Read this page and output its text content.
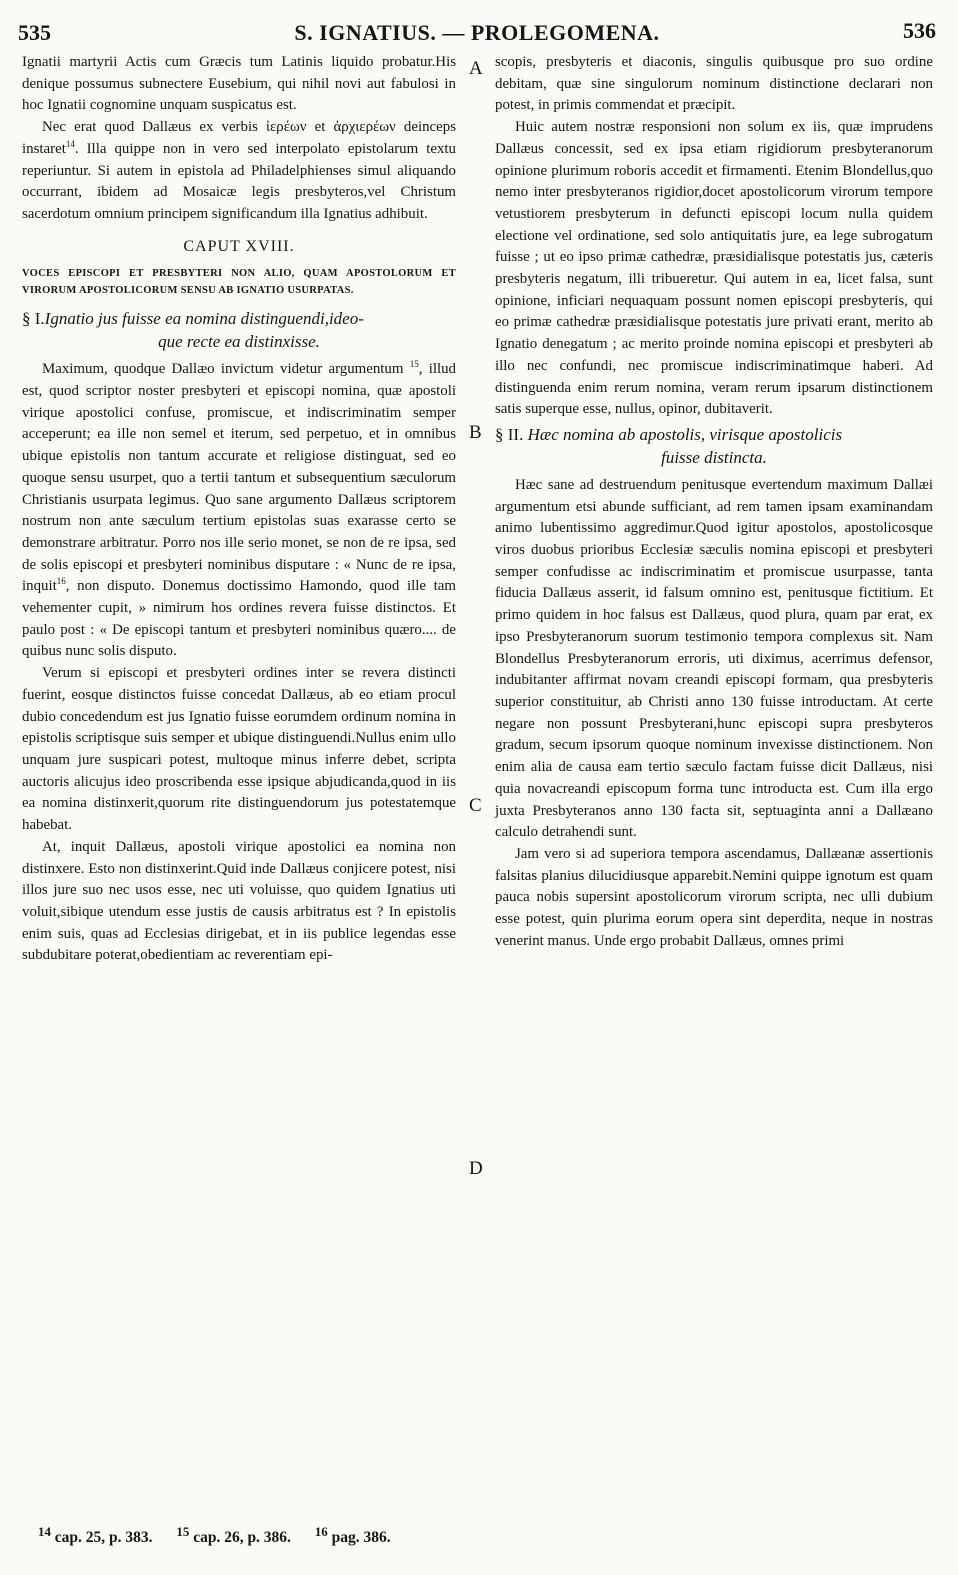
535	S. IGNATIUS. — PROLEGOMENA.	536

Ignatii martyrii Actis cum Græcis tum Latinis liquido probatur.His denique possumus subnectere Eusebium, qui nihil novi aut fabulosi in hoc Ignatii cognomine unquam suspicatus est.

Nec erat quod Dallæus ex verbis ἱερέων et ἀρχιερέων deinceps instaret$^{14}$. Illa quippe non in vero sed interpolato epistolarum textu reperiuntur. Si autem in epistola ad Philadelphienses simul aliquando occurrant, ibidem ad Mosaicæ legis presbyteros,vel Christum sacerdotum omnium principem significandum illa Ignatius adhibuit.

CAPUT XVIII.
VOCES EPISCOPI ET PRESBYTERI NON ALIO, QUAM APOSTOLORUM ET VIRORUM APOSTOLICORUM SENSU AB IGNATIO USURPATAS.
§ I.Ignatio jus fuisse ea nomina distinguendi,ideo-
que recte ea distinxisse.

Maximum, quodque Dallæo invictum videtur argumentum $^{15}$, illud est, quod scriptor noster presbyteri et episcopi nomina, quæ apostoli virique apostolici confuse, promiscue, et indiscriminatim semper acceperunt; ea ille non semel et iterum, sed perpetuo, et in omnibus ubique epistolis non tantum accurate et religiose distinguat, sed eo quoque sensu usurpet, quo a tertii tantum et subsequentium sæculorum Christianis usurpata legimus. Quo sane argumento Dallæus scriptorem nostrum non ante sæculum tertium epistolas suas exarasse certo se demonstrare arbitratur. Porro nos ille serio monet, se non de re ipsa, sed de solis episcopi et presbyteri nominibus disputare : « Nunc de re ipsa, inquit$^{16}$, non disputo. Donemus doctissimo Hamondo, quod ille tam vehementer cupit, » nimirum hos ordines revera fuisse distinctos. Et paulo post : « De episcopi tantum et presbyteri nominibus quæro.... de quibus nunc solis disputo.

Verum si episcopi et presbyteri ordines inter se revera distincti fuerint, eosque distinctos fuisse concedat Dallæus, ab eo etiam procul dubio concedendum est jus Ignatio fuisse eorumdem ordinum nomina in epistolis scriptisque suis semper et ubique distinguendi.Nullus enim ullo unquam jure suspicari potest, multoque minus inferre debet, scripta auctoris alicujus ideo proscribenda esse ipsique abjudicanda,quod in iis ea nomina distinxerit,quorum rite distinguendorum jus potestatemque habebat.

At, inquit Dallæus, apostoli virique apostolici ea nomina non distinxere. Esto non distinxerint.Quid inde Dallæus conjicere potest, nisi illos jure suo nec usos esse, nec uti voluisse, quo quidem Ignatius uti voluit,sibique utendum esse justis de causis arbitratus est ? In epistolis enim suis, quas ad Ecclesias dirigebat, et in iis publice legendas esse subdubitare poterat,obedientiam ac reverentiam epi-

A
B
C
D

scopis, presbyteris et diaconis, singulis quibusque pro suo ordine debitam, quæ sine singulorum nominum distinctione declarari non potest, in primis commendat et præcipit.

Huic autem nostræ responsioni non solum ex iis, quæ imprudens Dallæus concessit, sed ex ipsa etiam rigidiorum presbyteranorum opinione plurimum roboris accedit et firmamenti. Etenim Blondellus,quo nemo inter presbyteranos rigidior,docet apostolicorum virorum tempore vetustiorem presbyterum in defuncti episcopi locum nulla quidem electione vel ordinatione, sed solo antiquitatis jure, ea lege subrogatum fuisse ; ut eo ipso primæ cathedræ, præsidialisque potestatis jus, cæteris presbyteris negatum, illi tribueretur. Qui autem in ea, licet falsa, sunt opinione, inficiari nequaquam possunt nomen episcopi presbyteris, qui eo primæ cathedræ præsidialisque potestatis jure privati erant, merito ab Ignatio denegatum ; ac merito proinde nomina episcopi et presbyteri ab illo nec confundi, nec promiscue indiscriminatimque haberi. Ad distinguenda enim rerum nomina, veram rerum ipsarum distinctionem satis superque esse, nullus, opinor, dubitaverit.

§ II. Hæc nomina ab apostolis, virisque apostolicis
fuisse distincta.

Hæc sane ad destruendum penitusque evertendum maximum Dallæi argumentum etsi abunde sufficiant, ad rem tamen ipsam examinandam animo lubentissimo aggredimur.Quod igitur apostolos, apostolicosque viros duobus prioribus Ecclesiæ sæculis nomina episcopi et presbyteri semper confudisse ac indiscriminatim et promiscue usurpasse, tanta fiducia Dallæus asserit, id falsum omnino est, penitusque fictitium. Et primo quidem in hoc falsus est Dallæus, quod plura, quam par erat, ex ipso Presbyteranorum suorum testimonio tempora complexus sit. Nam Blondellus Presbyteranorum erroris, uti diximus, acerrimus defensor, indubitanter affirmat novam creandi episcopi formam, qua presbyteris superior constituitur, ab Christi anno 130 fuisse introductam. At certe negare non possunt Presbyterani,hunc episcopi supra presbyteros gradum, secum ipsorum quoque nominum invexisse distinctionem. Non enim alia de causa eam tertio sæculo factam fuisse dicit Dallæus, nisi quia novacreandi episcopum forma tunc introducta est. Cum illa ergo juxta Presbyteranos anno 130 facta sit, septuaginta anni a Dallæano calculo detrahendi sunt.

Jam vero si ad superiora tempora ascendamus, Dallæanæ assertionis falsitas planius dilucidiusque apparebit.Nemini quippe ignotum est quam pauca nobis supersint apostolicorum virorum scripta, nec ulli dubium esse potest, quin plurima eorum opera sint deperdita, neque in nostras venerint manus. Unde ergo probabit Dallæus, omnes primi

$^{14}$ cap. 25, p. 383. $^{15}$ cap. 26, p. 386. $^{16}$ pag. 386.
